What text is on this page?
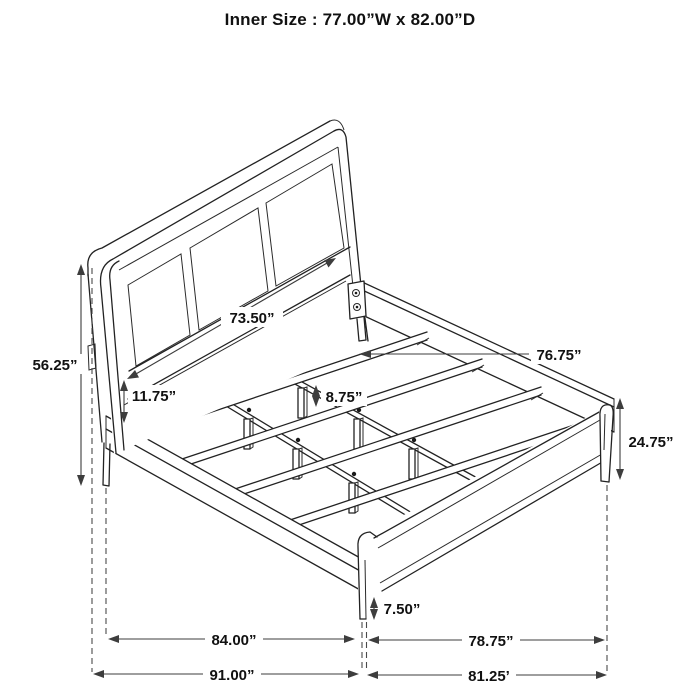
Inner Size : 77.00”W x 82.00”D
56.25”
73.50”
11.75”	8.75”
76.75”
24.75”
7.50”
84.00”	78.75”
91.00”	81.25’
